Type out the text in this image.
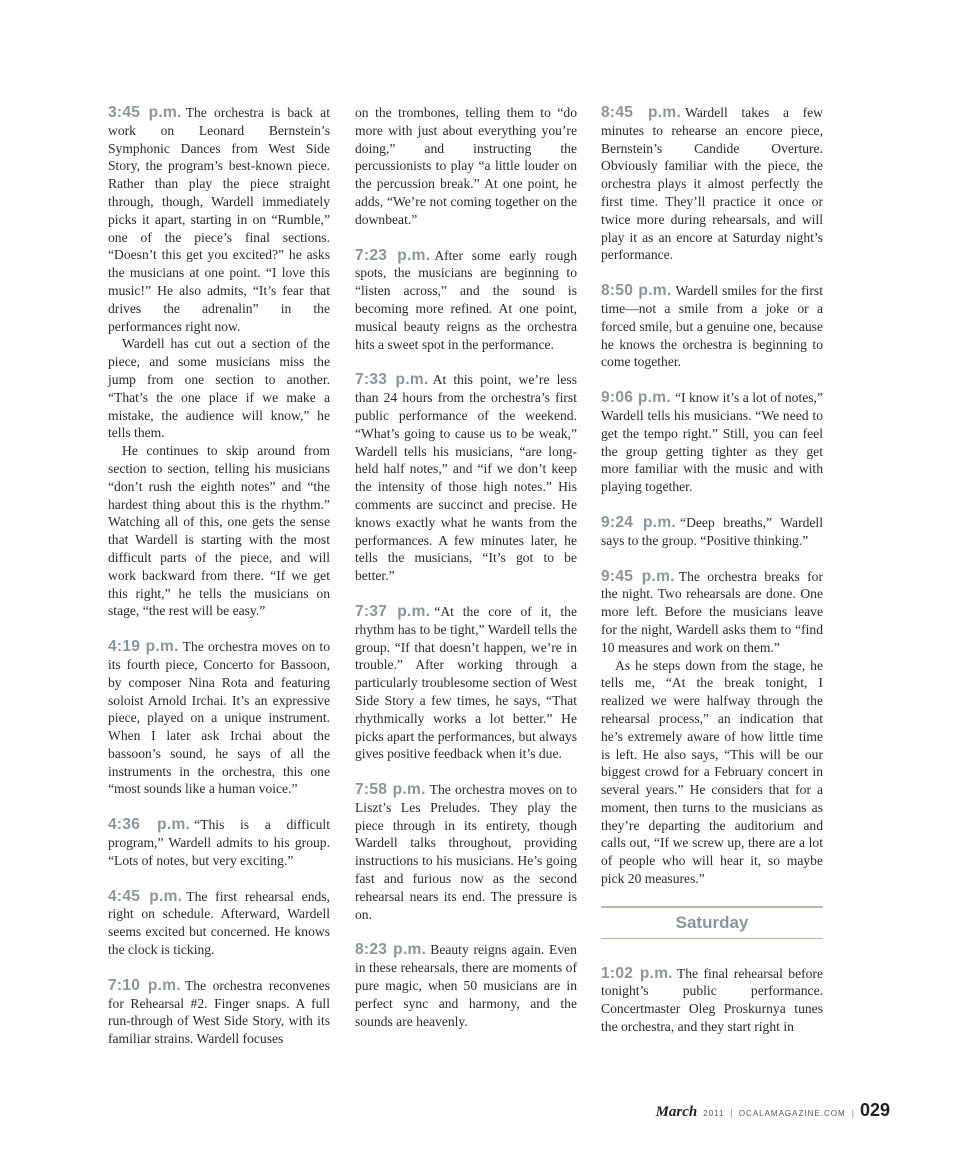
3:45 p.m. The orchestra is back at work on Leonard Bernstein’s Symphonic Dances from West Side Story, the program’s best-known piece. Rather than play the piece straight through, though, Wardell immediately picks it apart, starting in on “Rumble,” one of the piece’s final sections. “Doesn’t this get you excited?” he asks the musicians at one point. “I love this music!” He also admits, “It’s fear that drives the adrenalin” in the performances right now.

Wardell has cut out a section of the piece, and some musicians miss the jump from one section to another. “That’s the one place if we make a mistake, the audience will know,” he tells them.

He continues to skip around from section to section, telling his musicians “don’t rush the eighth notes” and “the hardest thing about this is the rhythm.” Watching all of this, one gets the sense that Wardell is starting with the most difficult parts of the piece, and will work backward from there. “If we get this right,” he tells the musicians on stage, “the rest will be easy.”

4:19 p.m. The orchestra moves on to its fourth piece, Concerto for Bassoon, by composer Nina Rota and featuring soloist Arnold Irchai. It’s an expressive piece, played on a unique instrument. When I later ask Irchai about the bassoon’s sound, he says of all the instruments in the orchestra, this one “most sounds like a human voice.”

4:36 p.m. “This is a difficult program,” Wardell admits to his group. “Lots of notes, but very exciting.”

4:45 p.m. The first rehearsal ends, right on schedule. Afterward, Wardell seems excited but concerned. He knows the clock is ticking.

7:10 p.m. The orchestra reconvenes for Rehearsal #2. Finger snaps. A full run-through of West Side Story, with its familiar strains. Wardell focuses

on the trombones, telling them to “do more with just about everything you’re doing,” and instructing the percussionists to play “a little louder on the percussion break.” At one point, he adds, “We’re not coming together on the downbeat.”

7:23 p.m. After some early rough spots, the musicians are beginning to “listen across,” and the sound is becoming more refined. At one point, musical beauty reigns as the orchestra hits a sweet spot in the performance.

7:33 p.m. At this point, we’re less than 24 hours from the orchestra’s first public performance of the weekend. “What’s going to cause us to be weak,” Wardell tells his musicians, “are long-held half notes,” and “if we don’t keep the intensity of those high notes.” His comments are succinct and precise. He knows exactly what he wants from the performances. A few minutes later, he tells the musicians, “It’s got to be better.”

7:37 p.m. “At the core of it, the rhythm has to be tight,” Wardell tells the group. “If that doesn’t happen, we’re in trouble.” After working through a particularly troublesome section of West Side Story a few times, he says, “That rhythmically works a lot better.” He picks apart the performances, but always gives positive feedback when it’s due.

7:58 p.m. The orchestra moves on to Liszt’s Les Preludes. They play the piece through in its entirety, though Wardell talks throughout, providing instructions to his musicians. He’s going fast and furious now as the second rehearsal nears its end. The pressure is on.

8:23 p.m. Beauty reigns again. Even in these rehearsals, there are moments of pure magic, when 50 musicians are in perfect sync and harmony, and the sounds are heavenly.

8:45 p.m. Wardell takes a few minutes to rehearse an encore piece, Bernstein’s Candide Overture. Obviously familiar with the piece, the orchestra plays it almost perfectly the first time. They’ll practice it once or twice more during rehearsals, and will play it as an encore at Saturday night’s performance.

8:50 p.m. Wardell smiles for the first time—not a smile from a joke or a forced smile, but a genuine one, because he knows the orchestra is beginning to come together.

9:06 p.m. “I know it’s a lot of notes,” Wardell tells his musicians. “We need to get the tempo right.” Still, you can feel the group getting tighter as they get more familiar with the music and with playing together.

9:24 p.m. “Deep breaths,” Wardell says to the group. “Positive thinking.”

9:45 p.m. The orchestra breaks for the night. Two rehearsals are done. One more left. Before the musicians leave for the night, Wardell asks them to “find 10 measures and work on them.”

As he steps down from the stage, he tells me, “At the break tonight, I realized we were halfway through the rehearsal process,” an indication that he’s extremely aware of how little time is left. He also says, “This will be our biggest crowd for a February concert in several years.” He considers that for a moment, then turns to the musicians as they’re departing the auditorium and calls out, “If we screw up, there are a lot of people who will hear it, so maybe pick 20 measures.”

Saturday

1:02 p.m. The final rehearsal before tonight’s public performance. Concertmaster Oleg Proskurnya tunes the orchestra, and they start right in

March 2011 | OCALAMAGAZINE.COM | 029
